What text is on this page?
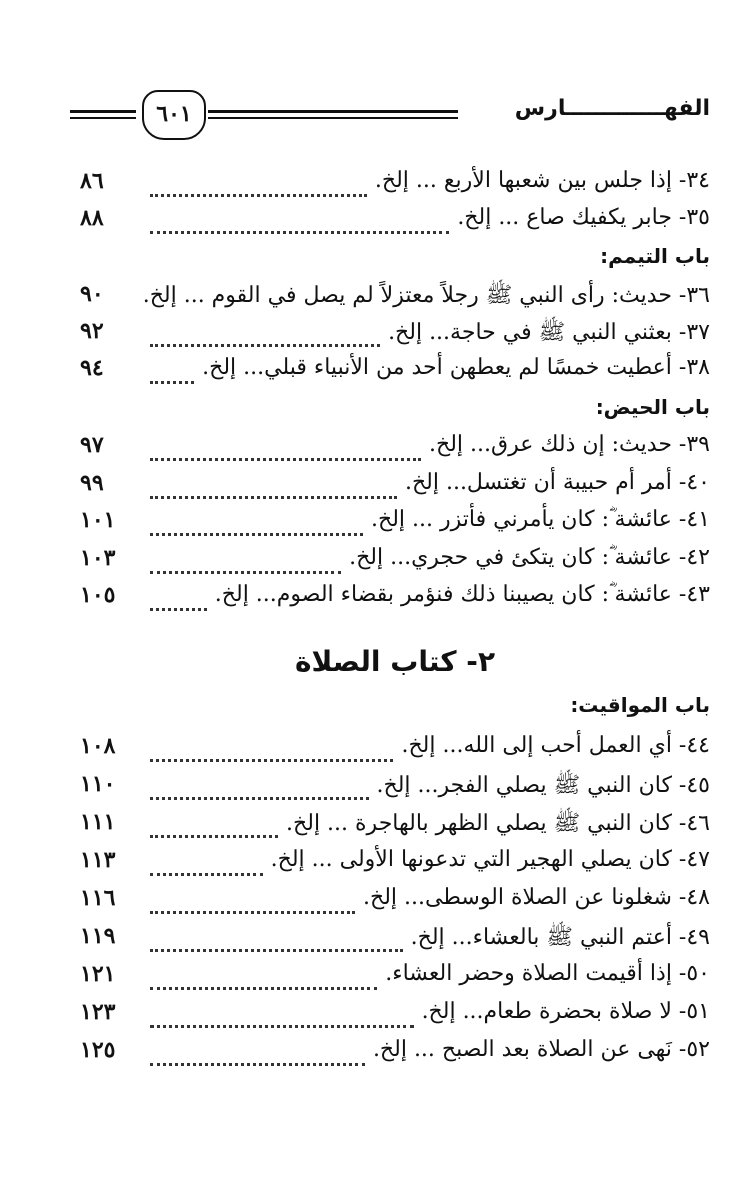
٦٠١	الفهـــــــــــــارس
٣٤- إذا جلس بين شعبها الأربع ... إلخ.
٨٦
٣٥- جابر يكفيك صاع ... إلخ.
٨٨
باب التيمم:
٣٦- حديث: رأى النبي ﷺ رجلاً معتزلاً لم يصل في القوم ... إلخ.
٩٠
٣٧- بعثني النبي ﷺ في حاجة... إلخ.
٩٢
٣٨- أعطيت خمسًا لم يعطهن أحد من الأنبياء قبلي... إلخ.
٩٤
باب الحيض:
٣٩- حديث: إن ذلك عرق... إلخ.
٩٧
٤٠- أمر أم حبيبة أن تغتسل... إلخ.
٩٩
٤١- عائشة ؓ: كان يأمرني فأتزر ... إلخ.
١٠١
٤٢- عائشة ؓ: كان يتكئ في حجري... إلخ.
١٠٣
٤٣- عائشة ؓ: كان يصيبنا ذلك فنؤمر بقضاء الصوم... إلخ.
١٠٥
٢- كتاب الصلاة
باب المواقيت:
٤٤- أي العمل أحب إلى الله... إلخ.
١٠٨
٤٥- كان النبي ﷺ يصلي الفجر... إلخ.
١١٠
٤٦- كان النبي ﷺ يصلي الظهر بالهاجرة ... إلخ.
١١١
٤٧- كان يصلي الهجير التي تدعونها الأولى ... إلخ.
١١٣
٤٨- شغلونا عن الصلاة الوسطى... إلخ.
١١٦
٤٩- أعتم النبي ﷺ بالعشاء... إلخ.
١١٩
٥٠- إذا أقيمت الصلاة وحضر العشاء.
١٢١
٥١- لا صلاة بحضرة طعام... إلخ.
١٢٣
٥٢- نَهى عن الصلاة بعد الصبح ... إلخ.
١٢٥
